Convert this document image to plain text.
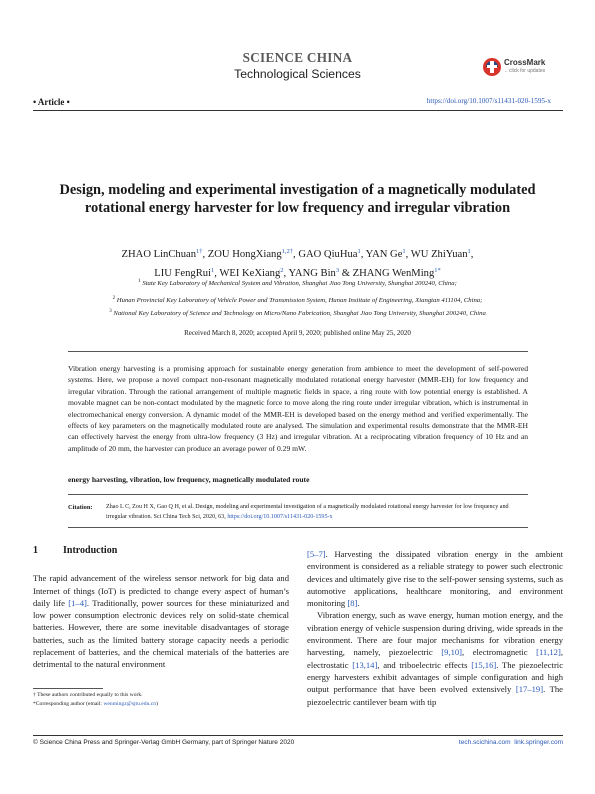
SCIENCE CHINA
Technological Sciences
CrossMark
←click for updates
• Article •	https://doi.org/10.1007/s11431-020-1595-x
Design, modeling and experimental investigation of a magnetically modulated rotational energy harvester for low frequency and irregular vibration
ZHAO LinChuan$^{1\dagger}$, ZOU HongXiang$^{1,2\dagger}$, GAO QiuHua$^1$, YAN Ge$^1$, WU ZhiYuan$^1$,
LIU FengRui$^1$, WEI KeXiang$^2$, YANG Bin$^3$ & ZHANG WenMing$^{1*}$
$^1$ State Key Laboratory of Mechanical System and Vibration, Shanghai Jiao Tong University, Shanghai 200240, China;
$^2$ Hunan Provincial Key Laboratory of Vehicle Power and Transmission System, Hunan Institute of Engineering, Xiangtan 411104, China;
$^3$ National Key Laboratory of Science and Technology on Micro/Nano Fabrication, Shanghai Jiao Tong University, Shanghai 200240, China
Received March 8, 2020; accepted April 9, 2020; published online May 25, 2020
Vibration energy harvesting is a promising approach for sustainable energy generation from ambience to meet the development of self-powered systems. Here, we propose a novel compact non-resonant magnetically modulated rotational energy harvester (MMR-EH) for low frequency and irregular vibration. Through the rational arrangement of multiple magnetic fields in space, a ring route with low potential energy is established. A movable magnet can be non-contact modulated by the magnetic force to move along the ring route under irregular vibration, which is instrumental in electromechanical energy conversion. A dynamic model of the MMR-EH is developed based on the energy method and verified experimentally. The effects of key parameters on the magnetically modulated route are analysed. The simulation and experimental results demonstrate that the MMR-EH can effectively harvest the energy from ultra-low frequency (3 Hz) and irregular vibration. At a reciprocating vibration frequency of 10 Hz and an amplitude of 20 mm, the harvester can produce an average power of 0.29 mW.
energy harvesting, vibration, low frequency, magnetically modulated route
Citation: Zhao L C, Zou H X, Gao Q H, et al. Design, modeling and experimental investigation of a magnetically modulated rotational energy harvester for low frequency and irregular vibration. Sci China Tech Sci, 2020, 63, https://doi.org/10.1007/s11431-020-1595-x
1	Introduction

The rapid advancement of the wireless sensor network for big data and Internet of things (IoT) is predicted to change every aspect of human’s daily life [1–4]. Traditionally, power sources for these miniaturized and low power consumption electronic devices rely on solid-state chemical batteries. However, there are some inevitable disadvantages of storage batteries, such as the limited battery storage capacity needs a periodic replacement of batteries, and the chemical materials of the batteries are detrimental to the natural environment

[5–7]. Harvesting the dissipated vibration energy in the ambient environment is considered as a reliable strategy to power such electronic devices and ultimately give rise to the self-power sensing systems, such as automotive applications, healthcare monitoring, and environment monitoring [8].

Vibration energy, such as wave energy, human motion energy, and the vibration energy of vehicle suspension during driving, wide spreads in the environment. There are four major mechanisms for vibration energy harvesting, namely, piezoelectric [9,10], electromagnetic [11,12], electrostatic [13,14], and triboelectric effects [15,16]. The piezoelectric energy harvesters exhibit advantages of simple configuration and high output performance that have been evolved extensively [17–19]. The piezoelectric cantilever beam with tip

† These authors contributed equally to this work.
*Corresponding author (email: wenmingz@sjtu.edu.cn)
© Science China Press and Springer-Verlag GmbH Germany, part of Springer Nature 2020	tech.scichina.com link.springer.com
